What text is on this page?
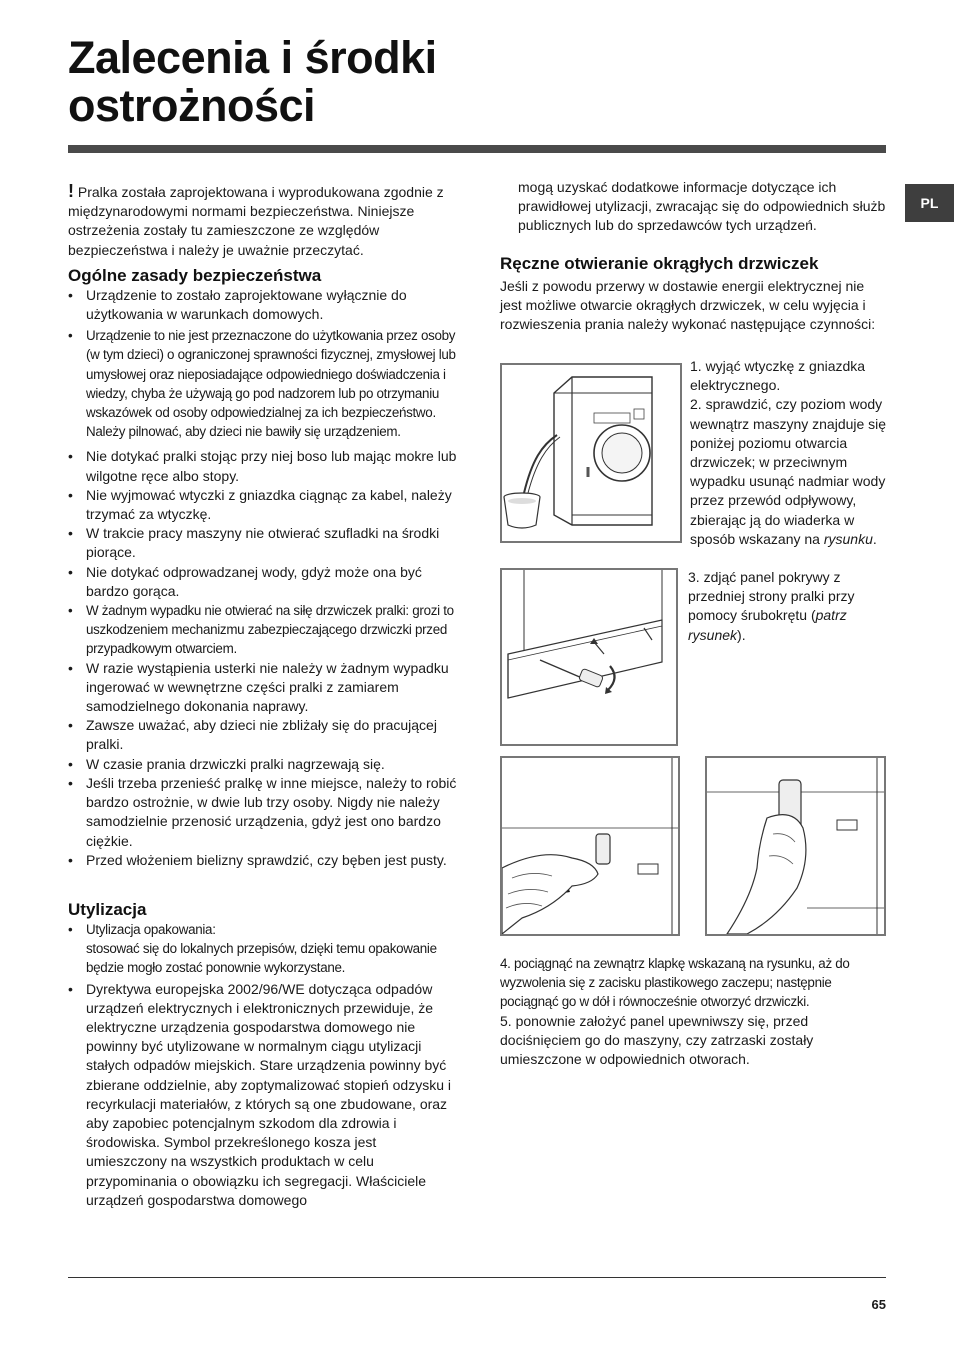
Zalecenia i środki
ostrożności
PL

! Pralka została zaprojektowana i wyprodukowana zgodnie z międzynarodowymi normami bezpieczeństwa. Niniejsze ostrzeżenia zostały tu zamieszczone ze względów bezpieczeństwa i należy je uważnie przeczytać.

Ogólne zasady bezpieczeństwa
• Urządzenie to zostało zaprojektowane wyłącznie do użytkowania w warunkach domowych.
• Urządzenie to nie jest przeznaczone do użytkowania przez osoby (w tym dzieci) o ograniczonej sprawności fizycznej, zmysłowej lub umysłowej oraz nieposiadające odpowiedniego doświadczenia i wiedzy, chyba że używają go pod nadzorem lub po otrzymaniu wskazówek od osoby odpowiedzialnej za ich bezpieczeństwo. Należy pilnować, aby dzieci nie bawiły się urządzeniem.
• Nie dotykać pralki stojąc przy niej boso lub mając mokre lub wilgotne ręce albo stopy.
• Nie wyjmować wtyczki z gniazdka ciągnąc za kabel, należy trzymać za wtyczkę.
• W trakcie pracy maszyny nie otwierać szufladki na środki piorące.
• Nie dotykać odprowadzanej wody, gdyż może ona być bardzo gorąca.
• W żadnym wypadku nie otwierać na siłę drzwiczek pralki: grozi to uszkodzeniem mechanizmu zabezpieczającego drzwiczki przed przypadkowym otwarciem.
• W razie wystąpienia usterki nie należy w żadnym wypadku ingerować w wewnętrzne części pralki z zamiarem samodzielnego dokonania naprawy.
• Zawsze uważać, aby dzieci nie zbliżały się do pracującej pralki.
• W czasie prania drzwiczki pralki nagrzewają się.
• Jeśli trzeba przenieść pralkę w inne miejsce, należy to robić bardzo ostrożnie, w dwie lub trzy osoby. Nigdy nie należy samodzielnie przenosić urządzenia, gdyż jest ono bardzo ciężkie.
• Przed włożeniem bielizny sprawdzić, czy bęben jest pusty.
Utylizacja
• Utylizacja opakowania:
stosować się do lokalnych przepisów, dzięki temu opakowanie będzie mogło zostać ponownie wykorzystane.
• Dyrektywa europejska 2002/96/WE dotycząca odpadów urządzeń elektrycznych i elektronicznych przewiduje, że elektryczne urządzenia gospodarstwa domowego nie powinny być utylizowane w normalnym ciągu utylizacji stałych odpadów miejskich. Stare urządzenia powinny być zbierane oddzielnie, aby zoptymalizować stopień odzysku i recyrkulacji materiałów, z których są one zbudowane, oraz aby zapobiec potencjalnym szkodom dla zdrowia i środowiska. Symbol przekreślonego kosza jest umieszczony na wszystkich produktach w celu przypominania o obowiązku ich segregacji. Właściciele urządzeń gospodarstwa domowego

mogą uzyskać dodatkowe informacje dotyczące ich prawidłowej utylizacji, zwracając się do odpowiednich służb publicznych lub do sprzedawców tych urządzeń.

Ręczne otwieranie okrągłych drzwiczek

Jeśli z powodu przerwy w dostawie energii elektrycznej nie jest możliwe otwarcie okrągłych drzwiczek, w celu wyjęcia i rozwieszenia prania należy wykonać następujące czynności:

1. wyjąć wtyczkę z gniazdka elektrycznego.

2. sprawdzić, czy poziom wody wewnątrz maszyny znajduje się poniżej poziomu otwarcia drzwiczek; w przeciwnym wypadku usunąć nadmiar wody przez przewód odpływowy, zbierając ją do wiaderka w sposób wskazany na rysunku.

3. zdjąć panel pokrywy z przedniej strony pralki przy pomocy śrubokrętu (patrz rysunek).

4. pociągnąć na zewnątrz klapkę wskazaną na rysunku, aż do wyzwolenia się z zacisku plastikowego zaczepu; następnie pociągnąć go w dół i równocześnie otworzyć drzwiczki.

5. ponownie założyć panel upewniwszy się, przed dociśnięciem go do maszyny, czy zatrzaski zostały umieszczone w odpowiednich otworach.

65
